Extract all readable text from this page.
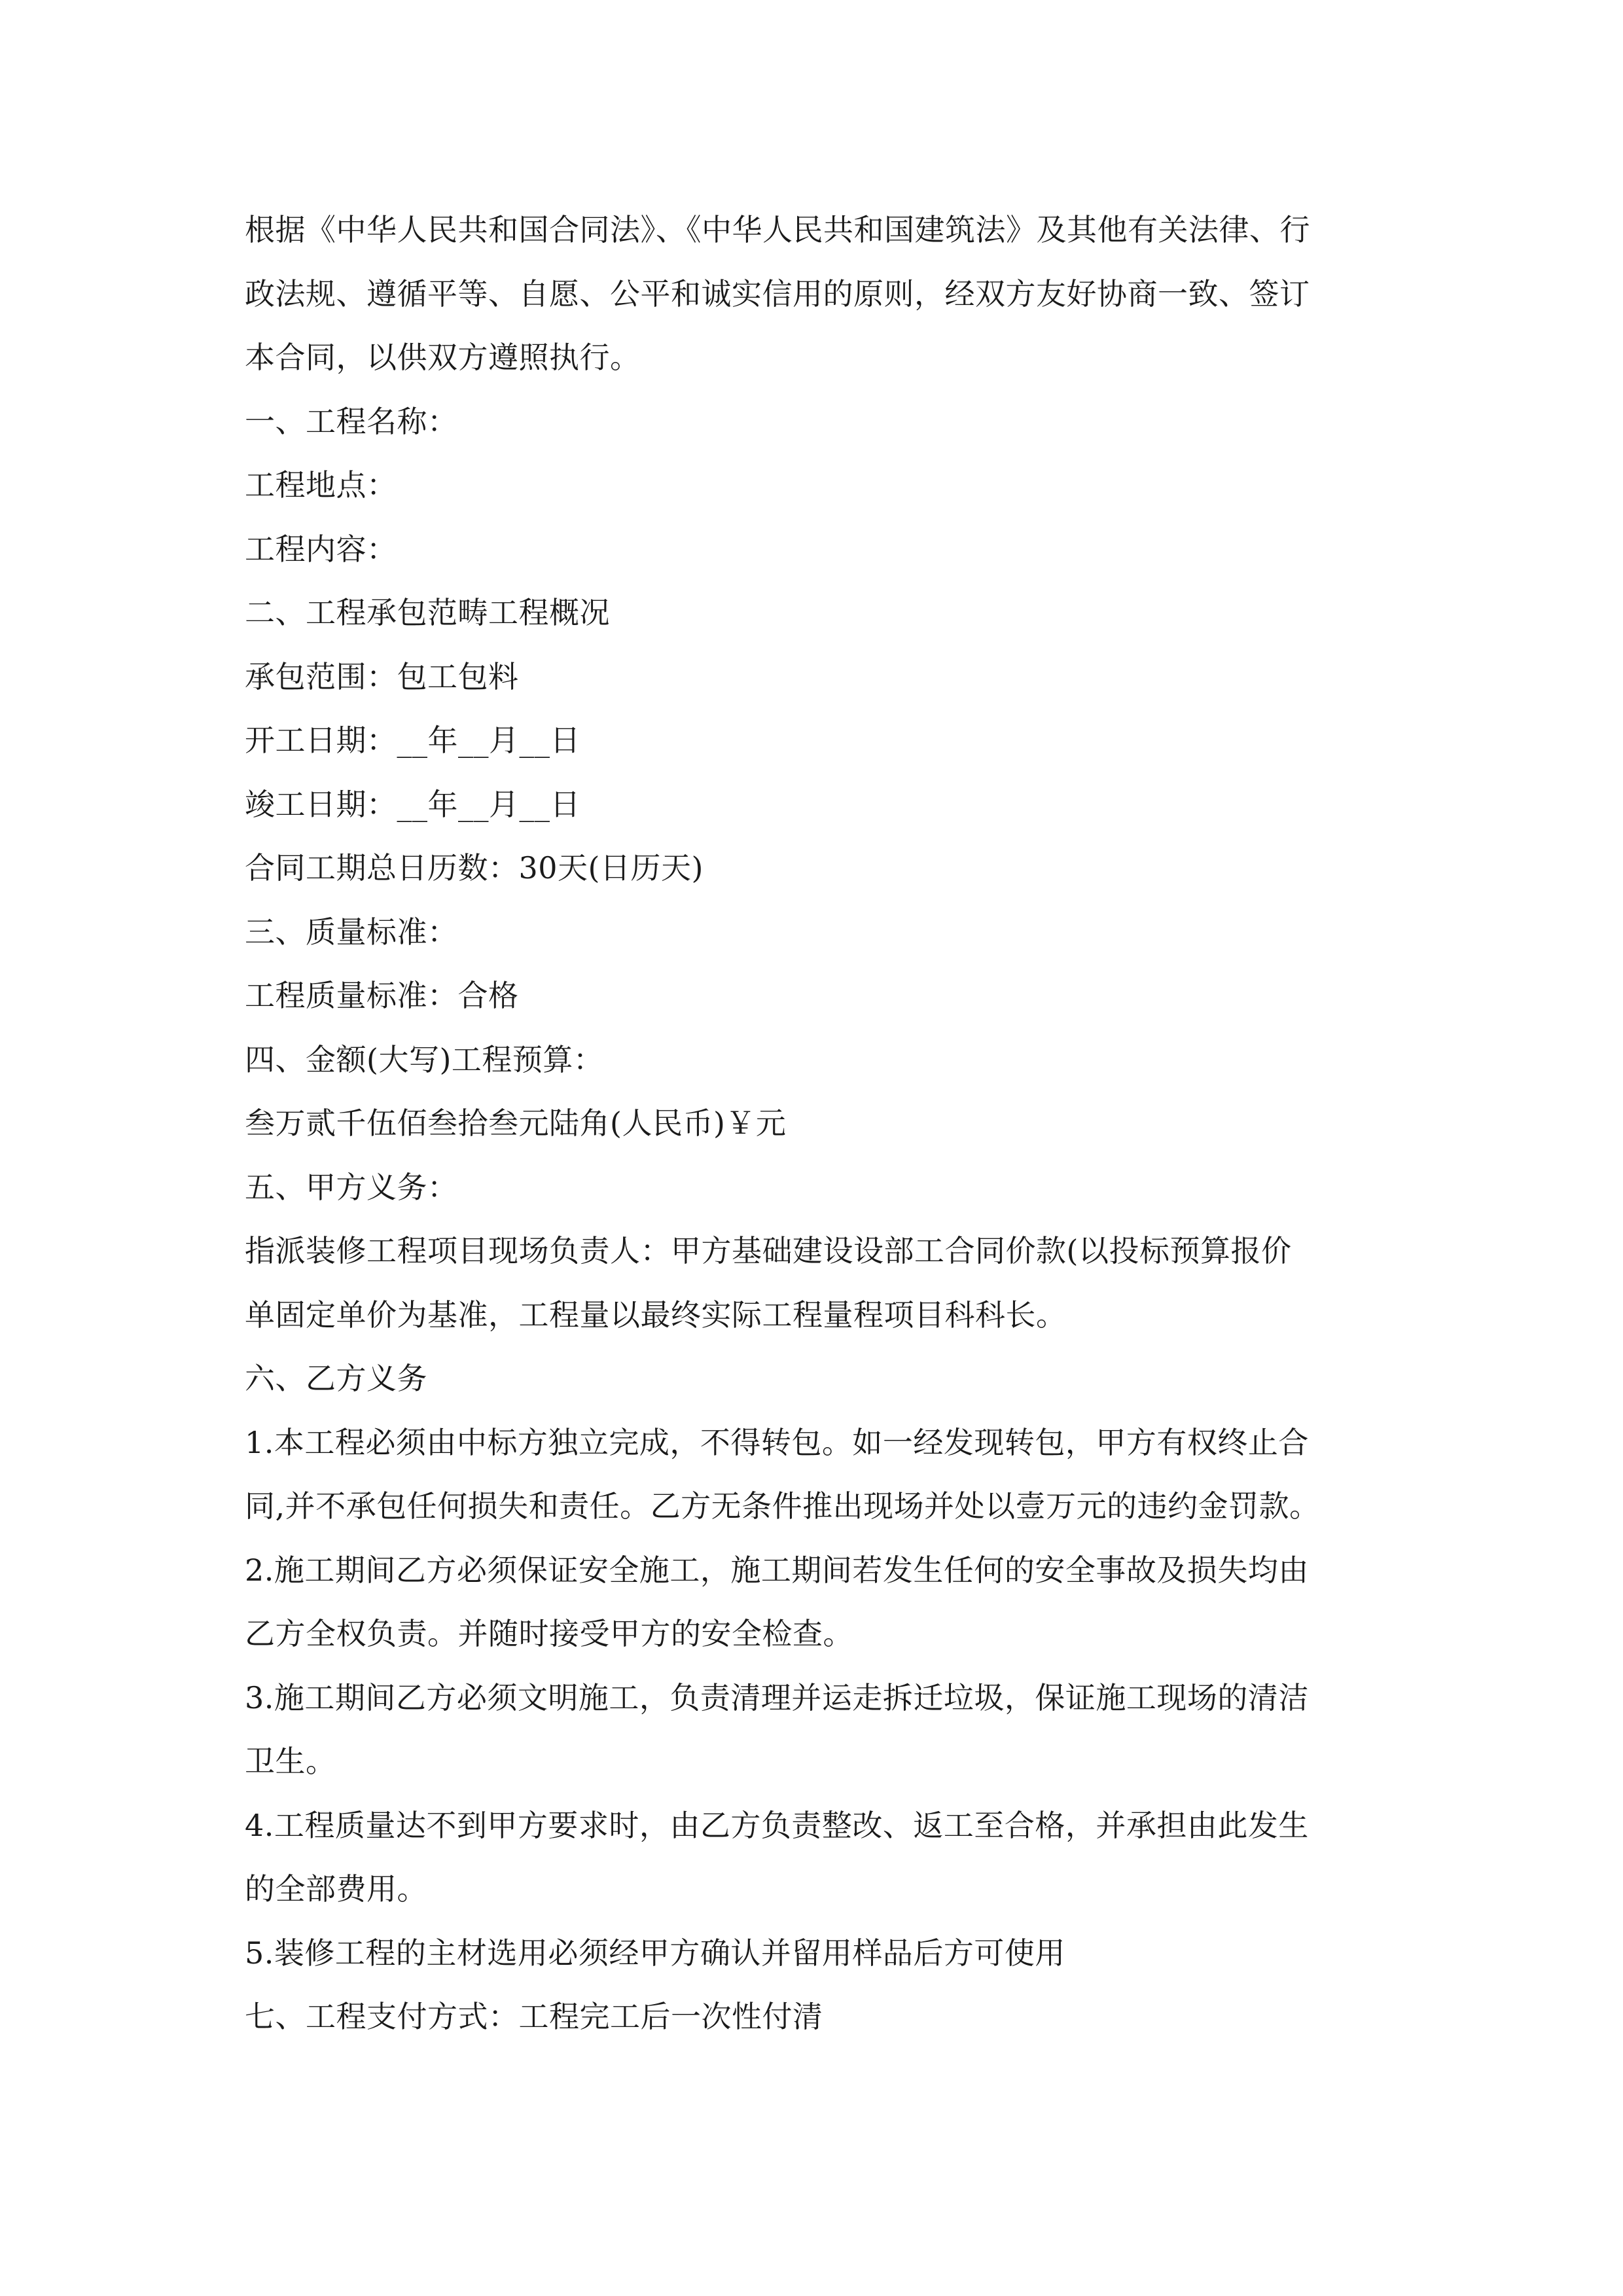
根据《中华人民共和国合同法》、《中华人民共和国建筑法》及其他有关法律、行
政法规、遵循平等、自愿、公平和诚实信用的原则，经双方友好协商一致、签订
本合同，以供双方遵照执行。
一、工程名称：
工程地点：
工程内容：
二、工程承包范畴工程概况
承包范围：包工包料
开工日期：__年__月__日
竣工日期：__年__月__日
合同工期总日历数：30天(日历天)
三、质量标准：
工程质量标准：合格
四、金额(大写)工程预算：
叁万贰千伍佰叁拾叁元陆角(人民币)￥元
五、甲方义务：
指派装修工程项目现场负责人：甲方基础建设设部工合同价款(以投标预算报价
单固定单价为基准，工程量以最终实际工程量程项目科科长。
六、乙方义务
1.本工程必须由中标方独立完成，不得转包。如一经发现转包，甲方有权终止合
同,并不承包任何损失和责任。乙方无条件推出现场并处以壹万元的违约金罚款。
2.施工期间乙方必须保证安全施工，施工期间若发生任何的安全事故及损失均由
乙方全权负责。并随时接受甲方的安全检查。
3.施工期间乙方必须文明施工，负责清理并运走拆迁垃圾，保证施工现场的清洁
卫生。
4.工程质量达不到甲方要求时，由乙方负责整改、返工至合格，并承担由此发生
的全部费用。
5.装修工程的主材选用必须经甲方确认并留用样品后方可使用
七、工程支付方式：工程完工后一次性付清
